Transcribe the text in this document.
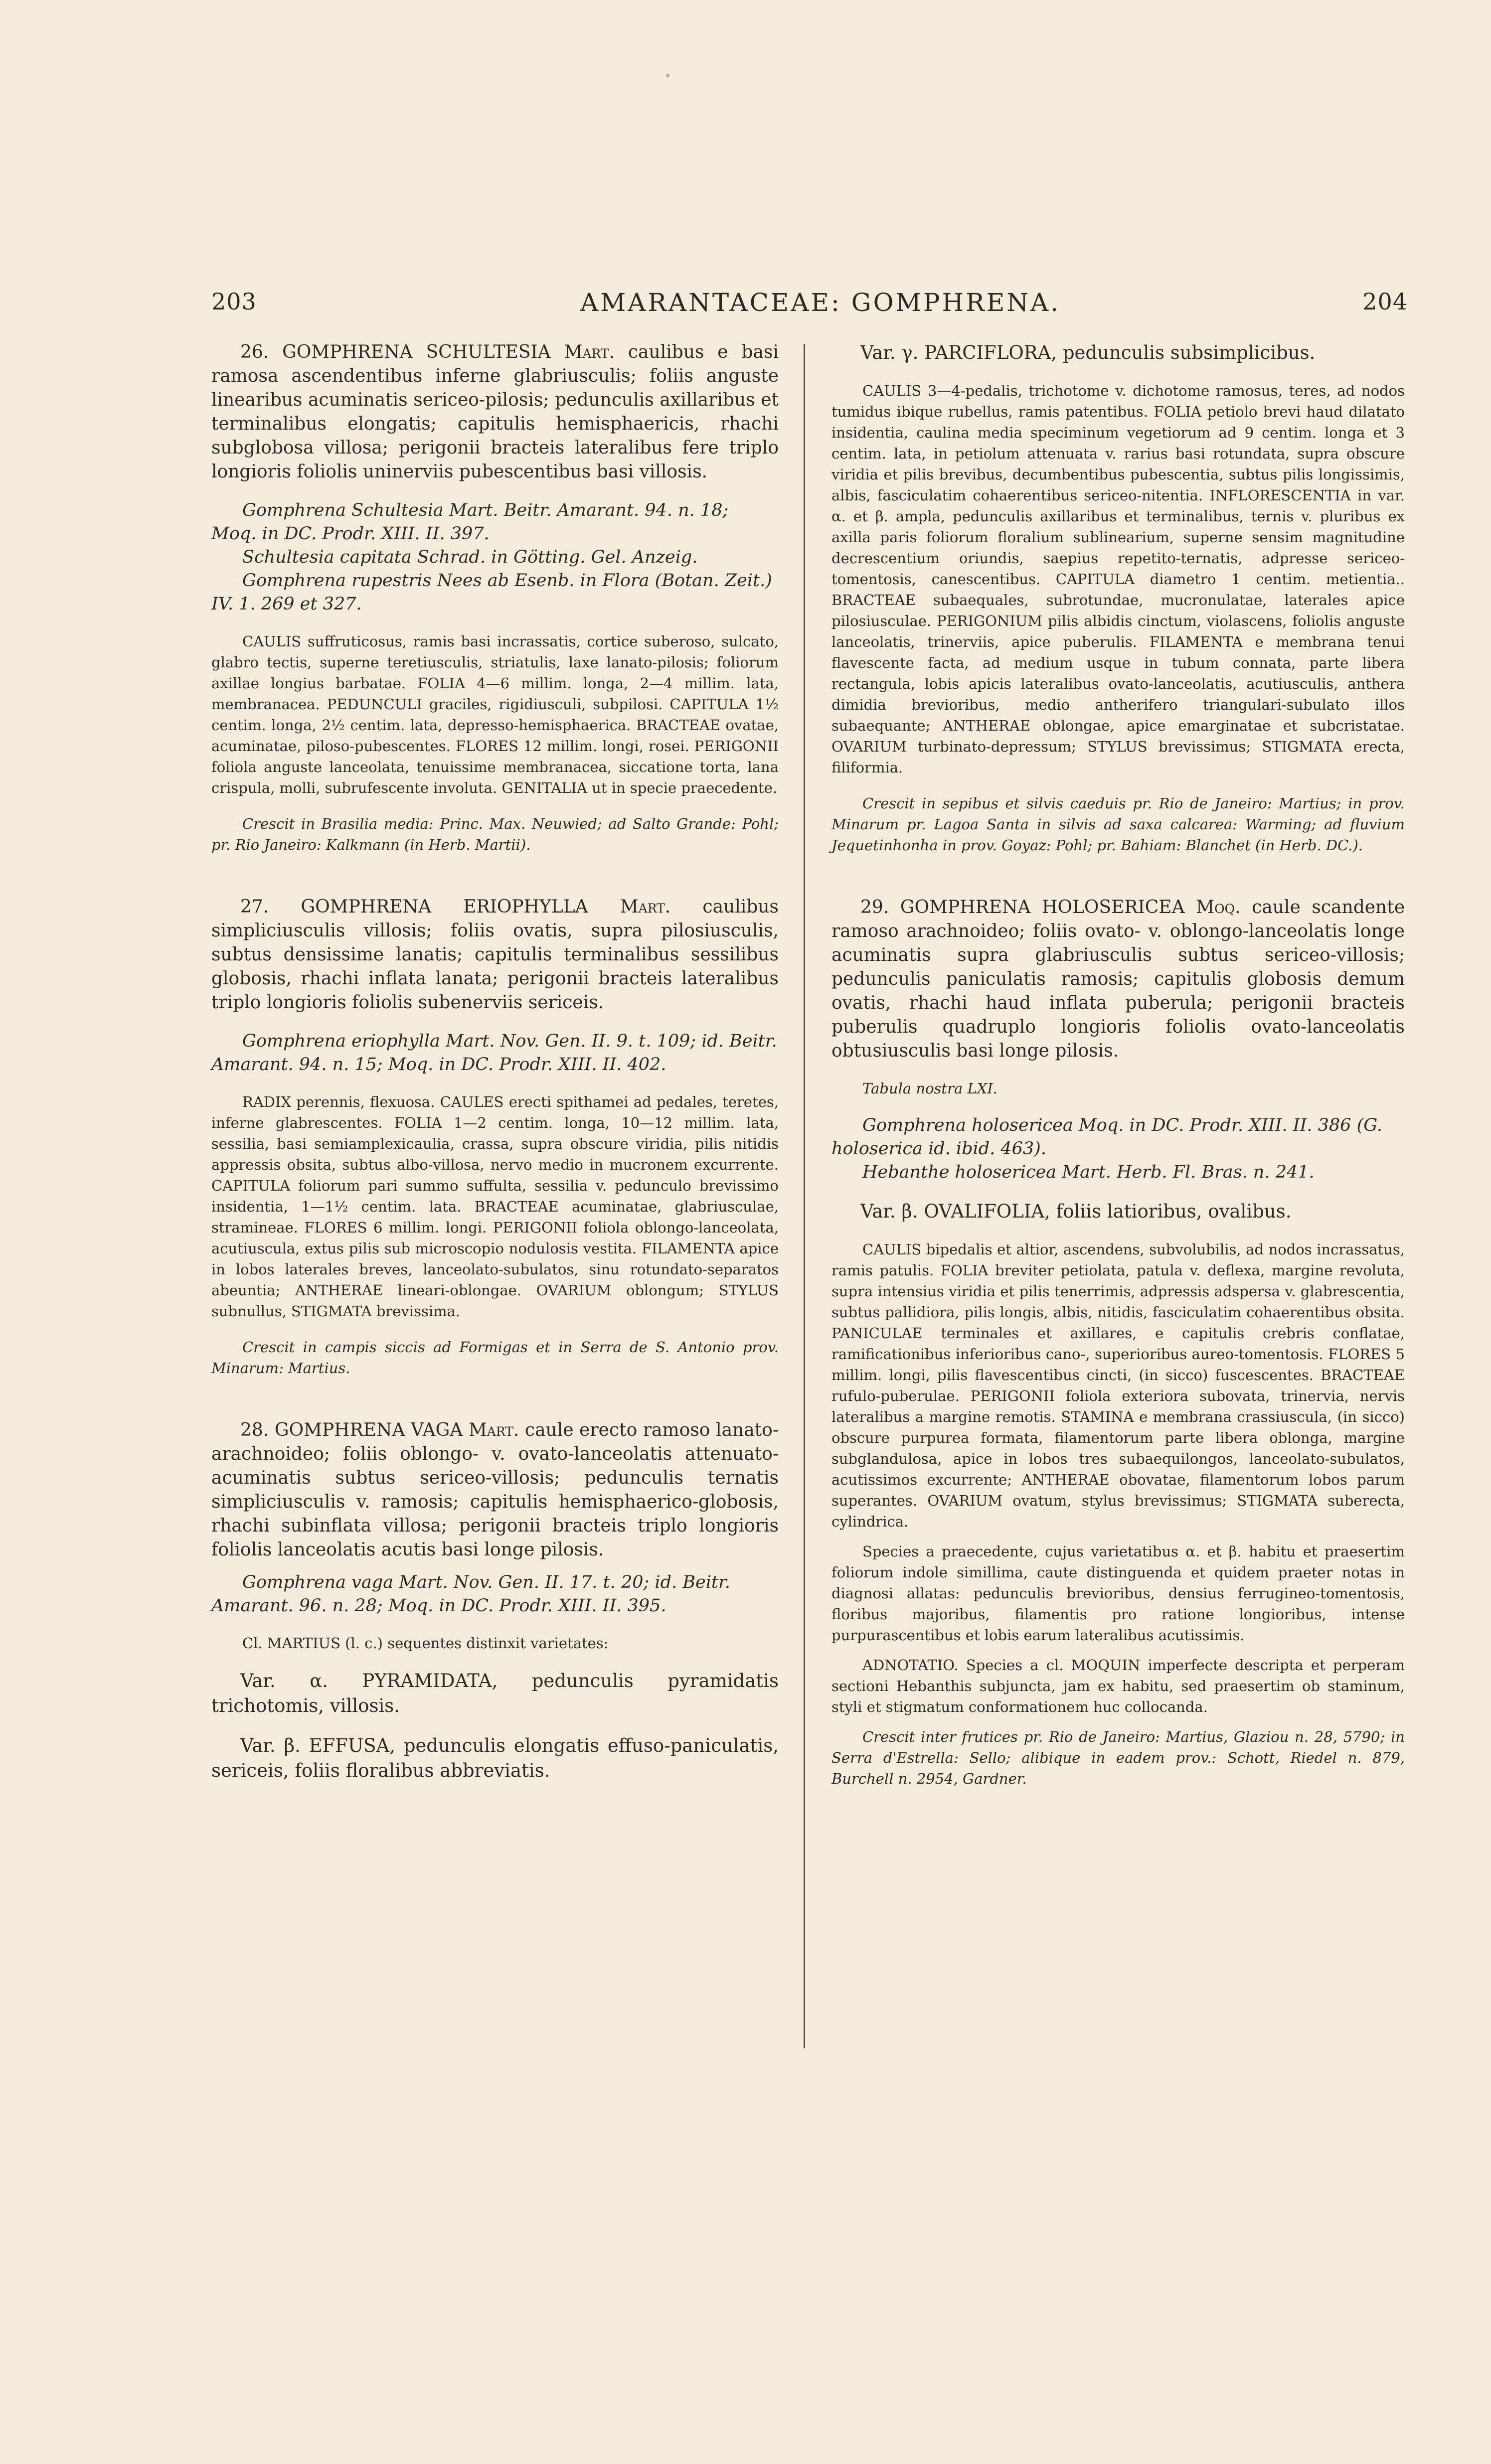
203	AMARANTACEAE: GOMPHRENA.	204

26. GOMPHRENA SCHULTESIA Mart. caulibus e basi ramosa ascendentibus inferne glabriusculis; foliis anguste linearibus acuminatis sericeo-pilosis; pedunculis axillaribus et terminalibus elongatis; capitulis hemisphaericis, rhachi subglobosa villosa; perigonii bracteis lateralibus fere triplo longioris foliolis uninerviis pubescentibus basi villosis.

Gomphrena Schultesia Mart. Beitr. Amarant. 94. n. 18; Moq. in DC. Prodr. XIII. II. 397.

Schultesia capitata Schrad. in Götting. Gel. Anzeig.

Gomphrena rupestris Nees ab Esenb. in Flora (Botan. Zeit.) IV. 1. 269 et 327.

CAULIS suffruticosus, ramis basi incrassatis, cortice suberoso, sulcato, glabro tectis, superne teretiusculis, striatulis, laxe lanato-pilosis; foliorum axillae longius barbatae. FOLIA 4—6 millim. longa, 2—4 millim. lata, membranacea. PEDUNCULI graciles, rigidiusculi, subpilosi. CAPITULA 1½ centim. longa, 2½ centim. lata, depresso-hemisphaerica. BRACTEAE ovatae, acuminatae, piloso-pubescentes. FLORES 12 millim. longi, rosei. PERIGONII foliola anguste lanceolata, tenuissime membranacea, siccatione torta, lana crispula, molli, subrufescente involuta. GENITALIA ut in specie praecedente.

Crescit in Brasilia media: Princ. Max. Neuwied; ad Salto Grande: Pohl; pr. Rio Janeiro: Kalkmann (in Herb. Martii).

27. GOMPHRENA ERIOPHYLLA Mart. caulibus simpliciusculis villosis; foliis ovatis, supra pilosiusculis, subtus densissime lanatis; capitulis terminalibus sessilibus globosis, rhachi inflata lanata; perigonii bracteis lateralibus triplo longioris foliolis subenerviis sericeis.

Gomphrena eriophylla Mart. Nov. Gen. II. 9. t. 109; id. Beitr. Amarant. 94. n. 15; Moq. in DC. Prodr. XIII. II. 402.

RADIX perennis, flexuosa. CAULES erecti spithamei ad pedales, teretes, inferne glabrescentes. FOLIA 1—2 centim. longa, 10—12 millim. lata, sessilia, basi semiamplexicaulia, crassa, supra obscure viridia, pilis nitidis appressis obsita, subtus albo-villosa, nervo medio in mucronem excurrente. CAPITULA foliorum pari summo suffulta, sessilia v. pedunculo brevissimo insidentia, 1—1½ centim. lata. BRACTEAE acuminatae, glabriusculae, stramineae. FLORES 6 millim. longi. PERIGONII foliola oblongo-lanceolata, acutiuscula, extus pilis sub microscopio nodulosis vestita. FILAMENTA apice in lobos laterales breves, lanceolato-subulatos, sinu rotundato-separatos abeuntia; ANTHERAE lineari-oblongae. OVARIUM oblongum; STYLUS subnullus, STIGMATA brevissima.

Crescit in campis siccis ad Formigas et in Serra de S. Antonio prov. Minarum: Martius.

28. GOMPHRENA VAGA Mart. caule erecto ramoso lanato-arachnoideo; foliis oblongo- v. ovato-lanceolatis attenuato-acuminatis subtus sericeo-villosis; pedunculis ternatis simpliciusculis v. ramosis; capitulis hemisphaerico-globosis, rhachi subinflata villosa; perigonii bracteis triplo longioris foliolis lanceolatis acutis basi longe pilosis.

Gomphrena vaga Mart. Nov. Gen. II. 17. t. 20; id. Beitr. Amarant. 96. n. 28; Moq. in DC. Prodr. XIII. II. 395.

Cl. MARTIUS (l. c.) sequentes distinxit varietates:

Var. α. PYRAMIDATA, pedunculis pyramidatis trichotomis, villosis.

Var. β. EFFUSA, pedunculis elongatis effuso-paniculatis, sericeis, foliis floralibus abbreviatis.

Var. γ. PARCIFLORA, pedunculis subsimplicibus.

CAULIS 3—4-pedalis, trichotome v. dichotome ramosus, teres, ad nodos tumidus ibique rubellus, ramis patentibus. FOLIA petiolo brevi haud dilatato insidentia, caulina media speciminum vegetiorum ad 9 centim. longa et 3 centim. lata, in petiolum attenuata v. rarius basi rotundata, supra obscure viridia et pilis brevibus, decumbentibus pubescentia, subtus pilis longissimis, albis, fasciculatim cohaerentibus sericeo-nitentia. INFLORESCENTIA in var. α. et β. ampla, pedunculis axillaribus et terminalibus, ternis v. pluribus ex axilla paris foliorum floralium sublinearium, superne sensim magnitudine decrescentium oriundis, saepius repetito-ternatis, adpresse sericeo-tomentosis, canescentibus. CAPITULA diametro 1 centim. metientia.. BRACTEAE subaequales, subrotundae, mucronulatae, laterales apice pilosiusculae. PERIGONIUM pilis albidis cinctum, violascens, foliolis anguste lanceolatis, trinerviis, apice puberulis. FILAMENTA e membrana tenui flavescente facta, ad medium usque in tubum connata, parte libera rectangula, lobis apicis lateralibus ovato-lanceolatis, acutiusculis, anthera dimidia brevioribus, medio antherifero triangulari-subulato illos subaequante; ANTHERAE oblongae, apice emarginatae et subcristatae. OVARIUM turbinato-depressum; STYLUS brevissimus; STIGMATA erecta, filiformia.

Crescit in sepibus et silvis caeduis pr. Rio de Janeiro: Martius; in prov. Minarum pr. Lagoa Santa in silvis ad saxa calcarea: Warming; ad fluvium Jequetinhonha in prov. Goyaz: Pohl; pr. Bahiam: Blanchet (in Herb. DC.).

29. GOMPHRENA HOLOSERICEA Moq. caule scandente ramoso arachnoideo; foliis ovato- v. oblongo-lanceolatis longe acuminatis supra glabriusculis subtus sericeo-villosis; pedunculis paniculatis ramosis; capitulis globosis demum ovatis, rhachi haud inflata puberula; perigonii bracteis puberulis quadruplo longioris foliolis ovato-lanceolatis obtusiusculis basi longe pilosis.

Tabula nostra LXI.

Gomphrena holosericea Moq. in DC. Prodr. XIII. II. 386 (G. holoserica id. ibid. 463).

Hebanthe holosericea Mart. Herb. Fl. Bras. n. 241.

Var. β. OVALIFOLIA, foliis latioribus, ovalibus.

CAULIS bipedalis et altior, ascendens, subvolubilis, ad nodos incrassatus, ramis patulis. FOLIA breviter petiolata, patula v. deflexa, margine revoluta, supra intensius viridia et pilis tenerrimis, adpressis adspersa v. glabrescentia, subtus pallidiora, pilis longis, albis, nitidis, fasciculatim cohaerentibus obsita. PANICULAE terminales et axillares, e capitulis crebris conflatae, ramificationibus inferioribus cano-, superioribus aureo-tomentosis. FLORES 5 millim. longi, pilis flavescentibus cincti, (in sicco) fuscescentes. BRACTEAE rufulo-puberulae. PERIGONII foliola exteriora subovata, trinervia, nervis lateralibus a margine remotis. STAMINA e membrana crassiuscula, (in sicco) obscure purpurea formata, filamentorum parte libera oblonga, margine subglandulosa, apice in lobos tres subaequilongos, lanceolato-subulatos, acutissimos excurrente; ANTHERAE obovatae, filamentorum lobos parum superantes. OVARIUM ovatum, stylus brevissimus; STIGMATA suberecta, cylindrica.

Species a praecedente, cujus varietatibus α. et β. habitu et praesertim foliorum indole simillima, caute distinguenda et quidem praeter notas in diagnosi allatas: pedunculis brevioribus, densius ferrugineo-tomentosis, floribus majoribus, filamentis pro ratione longioribus, intense purpurascentibus et lobis earum lateralibus acutissimis.

ADNOTATIO. Species a cl. MOQUIN imperfecte descripta et perperam sectioni Hebanthis subjuncta, jam ex habitu, sed praesertim ob staminum, styli et stigmatum conformationem huc collocanda.

Crescit inter frutices pr. Rio de Janeiro: Martius, Glaziou n. 28, 5790; in Serra d'Estrella: Sello; alibique in eadem prov.: Schott, Riedel n. 879, Burchell n. 2954, Gardner.
